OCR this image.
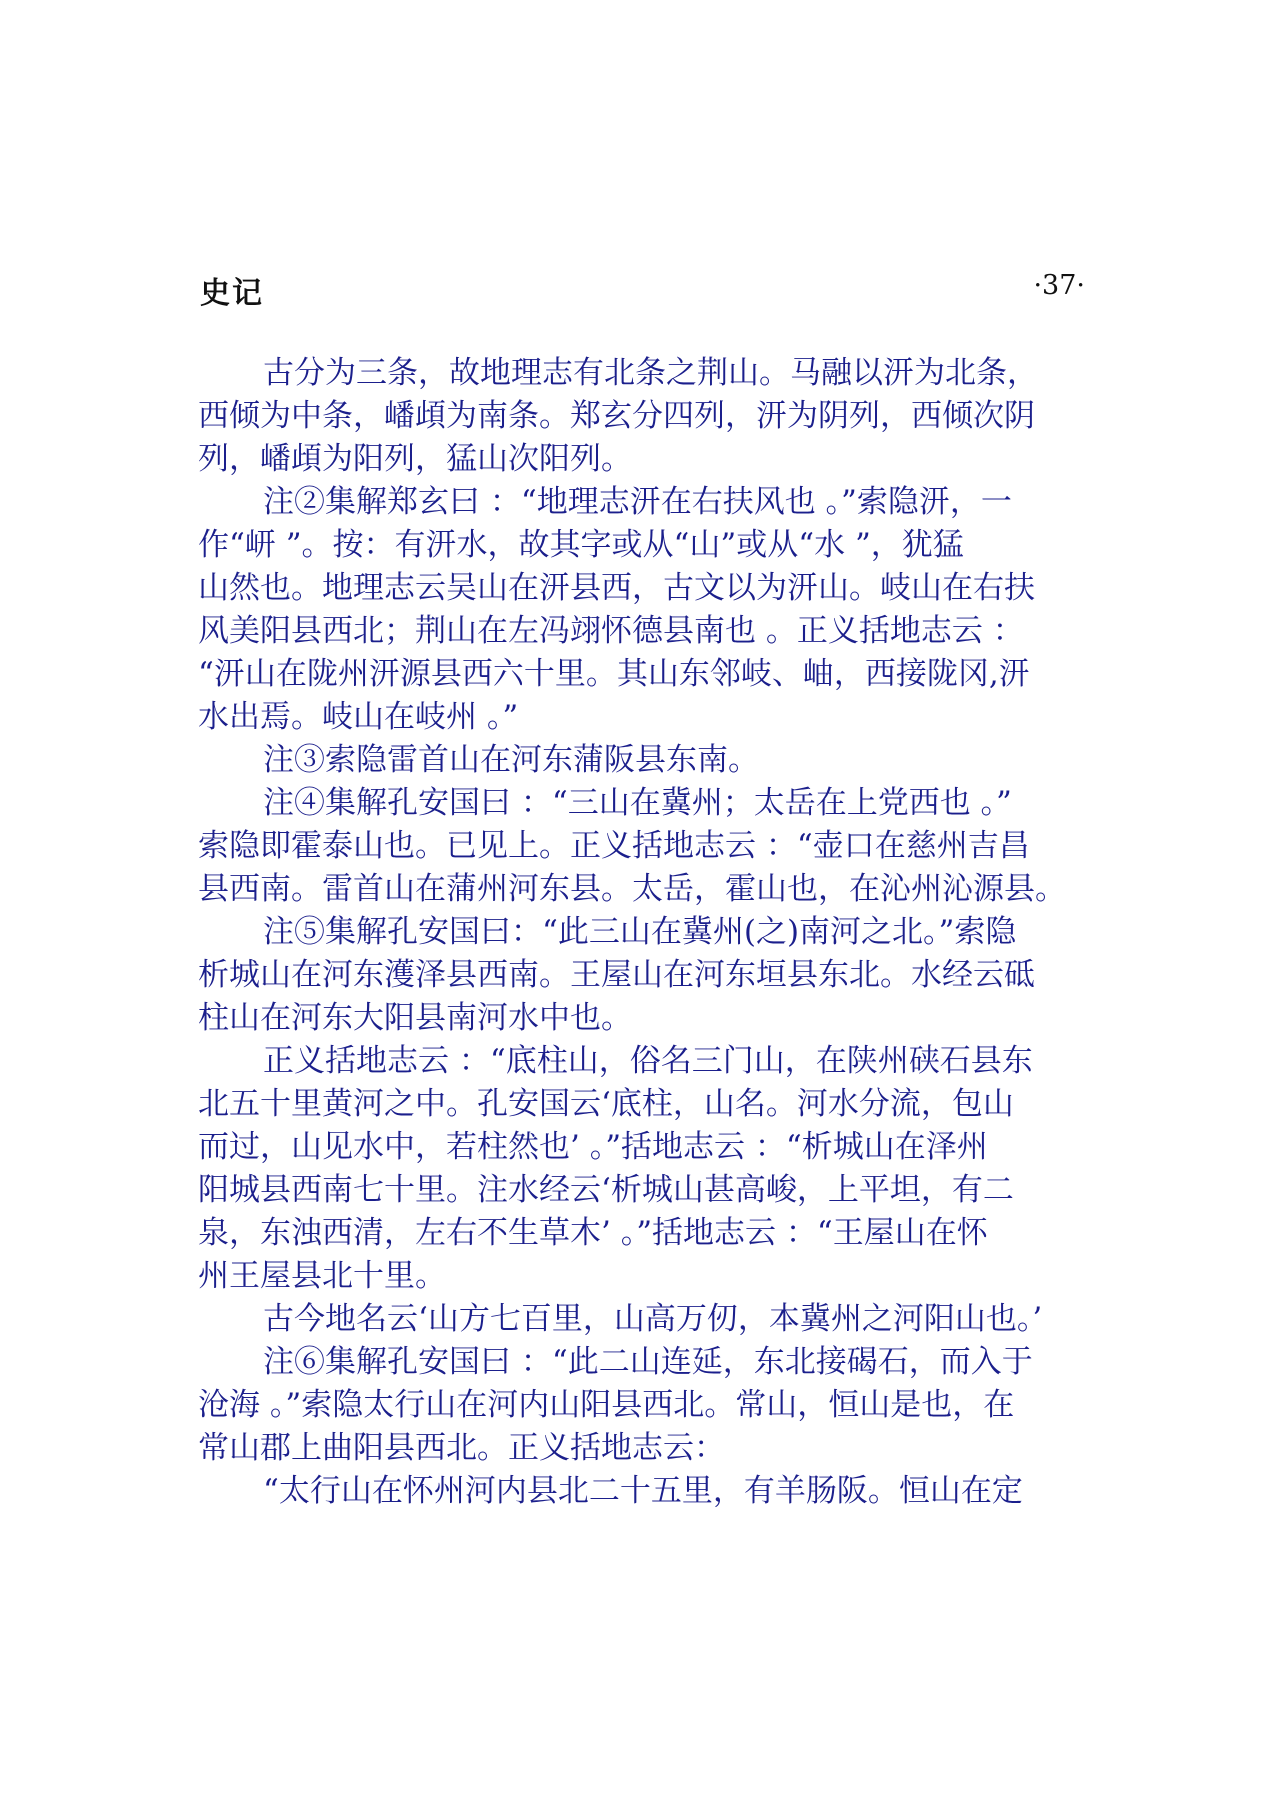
史记	·37·
古分为三条，故地理志有北条之荆山。马融以汧为北条，
西倾为中条，嶓頉为南条。郑玄分四列，汧为阴列，西倾次阴
列，嶓頉为阳列，猛山次阳列。
注②集解郑玄曰 ：“地理志汧在右扶风也 。”索隐汧，一
作“岍 ”。按：有汧水，故其字或从“山”或从“水 ”，犹猛
山然也。地理志云吴山在汧县西，古文以为汧山。岐山在右扶
风美阳县西北；荆山在左冯翊怀德县南也 。正义括地志云 ：
“汧山在陇州汧源县西六十里。其山东邻岐、岫，西接陇冈,汧
水出焉。岐山在岐州 。”
注③索隐雷首山在河东蒲阪县东南。
注④集解孔安国曰 ：“三山在冀州；太岳在上党西也 。”
索隐即霍泰山也。已见上。正义括地志云 ：“壶口在慈州吉昌
县西南。雷首山在蒲州河东县。太岳，霍山也，在沁州沁源县。
注⑤集解孔安国曰：“此三山在冀州(之)南河之北。”索隐
析城山在河东濩泽县西南。王屋山在河东垣县东北。水经云砥
柱山在河东大阳县南河水中也。
正义括地志云 ：“底柱山，俗名三门山，在陕州硖石县东
北五十里黄河之中。孔安国云‘底柱，山名。河水分流，包山
而过，山见水中，若柱然也’ 。”括地志云 ：“析城山在泽州
阳城县西南七十里。注水经云‘析城山甚高峻，上平坦，有二
泉，东浊西清，左右不生草木’ 。”括地志云 ：“王屋山在怀
州王屋县北十里。
古今地名云‘山方七百里，山高万仞，本冀州之河阳山也。’
注⑥集解孔安国曰 ：“此二山连延，东北接碣石，而入于
沧海 。”索隐太行山在河内山阳县西北。常山，恒山是也，在
常山郡上曲阳县西北。正义括地志云：
“太行山在怀州河内县北二十五里，有羊肠阪。恒山在定
